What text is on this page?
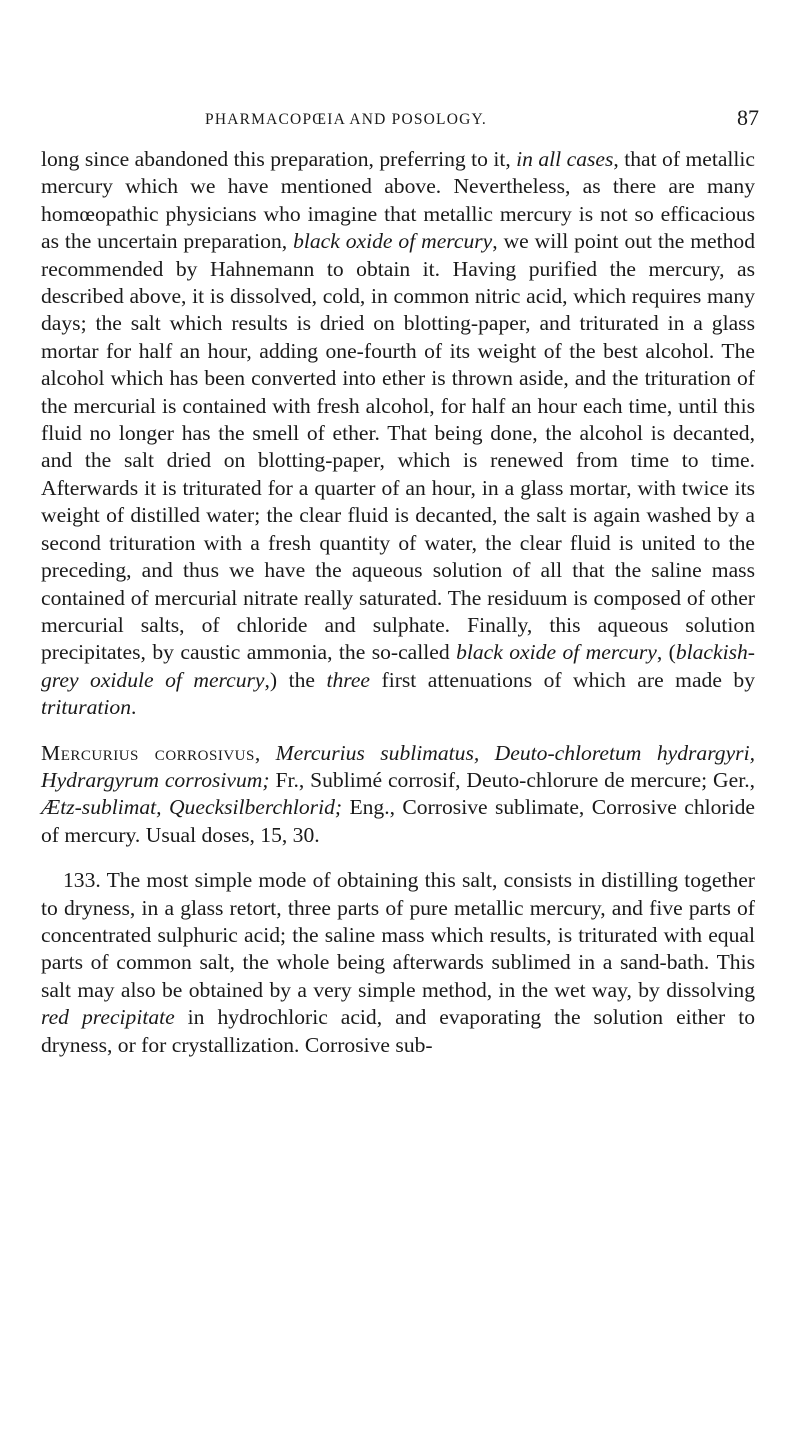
PHARMACOPŒIA AND POSOLOGY.	87

long since abandoned this preparation, preferring to it, in all cases, that of metallic mercury which we have mentioned above. Nevertheless, as there are many homœopathic physicians who imagine that metallic mercury is not so efficacious as the uncertain preparation, black oxide of mercury, we will point out the method recommended by Hahnemann to obtain it. Having purified the mercury, as described above, it is dissolved, cold, in common nitric acid, which requires many days; the salt which results is dried on blotting-paper, and triturated in a glass mortar for half an hour, adding one-fourth of its weight of the best alcohol. The alcohol which has been converted into ether is thrown aside, and the trituration of the mercurial is contained with fresh alcohol, for half an hour each time, until this fluid no longer has the smell of ether. That being done, the alcohol is decanted, and the salt dried on blotting-paper, which is renewed from time to time. Afterwards it is triturated for a quarter of an hour, in a glass mortar, with twice its weight of distilled water; the clear fluid is decanted, the salt is again washed by a second trituration with a fresh quantity of water, the clear fluid is united to the preceding, and thus we have the aqueous solution of all that the saline mass contained of mercurial nitrate really saturated. The residuum is composed of other mercurial salts, of chloride and sulphate. Finally, this aqueous solution precipitates, by caustic ammonia, the so-called black oxide of mercury, (blackish-grey oxidule of mercury,) the three first attenuations of which are made by trituration.

Mercurius corrosivus, Mercurius sublimatus, Deuto-chloretum hydrargyri, Hydrargyrum corrosivum; Fr., Sublimé corrosif, Deuto-chlorure de mercure; Ger., Ætz-sublimat, Quecksilberchlorid; Eng., Corrosive sublimate, Corrosive chloride of mercury. Usual doses, 15, 30.

133. The most simple mode of obtaining this salt, consists in distilling together to dryness, in a glass retort, three parts of pure metallic mercury, and five parts of concentrated sulphuric acid; the saline mass which results, is triturated with equal parts of common salt, the whole being afterwards sublimed in a sand-bath. This salt may also be obtained by a very simple method, in the wet way, by dissolving red precipitate in hydrochloric acid, and evaporating the solution either to dryness, or for crystallization. Corrosive sub-
